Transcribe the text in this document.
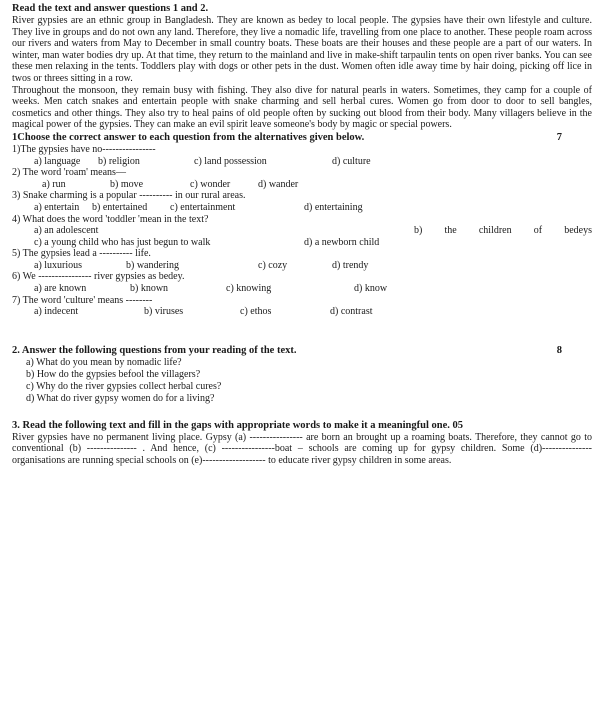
Read the text and answer questions 1 and 2.

River gypsies are an ethnic group in Bangladesh. They are known as bedey to local people. The gypsies have their own lifestyle and culture. They live in groups and do not own any land. Therefore, they live a nomadic life, travelling from one place to another. These people roam across our rivers and waters from May to December in small country boats. These boats are their houses and these people are a part of our waters. In winter, man water bodies dry up. At that time, they return to the mainland and live in make-shift tarpaulin tents on open river banks. You can see these men relaxing in the tents. Toddlers play with dogs or other pets in the dust. Women often idle away time by hair doing, picking off lice in twos or threes sitting in a row.

Throughout the monsoon, they remain busy with fishing. They also dive for natural pearls in waters. Sometimes, they camp for a couple of weeks. Men catch snakes and entertain people with snake charming and sell herbal cures. Women go from door to door to sell bangles, cosmetics and other things. They also try to heal pains of old people often by sucking out blood from their body. Many villagers believe in the magical power of the gypsies. They can make an evil spirit leave someone's body by magic or special powers.

1Choose the correct answer to each question from the alternatives given below.	7

1)The gypsies have no----------------

a) language	b) religion	c) land possession	d) culture

2) The word 'roam' means—

a) run	b) move	c) wonder	d) wander

3) Snake charming is a popular ---------- in our rural areas.

a) entertain	b) entertained	c) entertainment	d) entertaining

4) What does the word 'toddler 'mean in the text?

a) an adolescent	b) the children of bedeys
c) a young child who has just begun to walk	d) a newborn child

5) The gypsies lead a ---------- life.

a) luxurious	b) wandering	c) cozy	d) trendy

6) We ---------------- river gypsies as bedey.

a) are known	b) known	c) knowing	d) know

7) The word 'culture' means --------

a) indecent	b) viruses	c) ethos	d) contrast
2. Answer the following questions from your reading of the text.	8

a) What do you mean by nomadic life?

b) How do the gypsies befool the villagers?

c) Why do the river gypsies collect herbal cures?

d) What do river gypsy women do for a living?

3. Read the following text and fill in the gaps with appropriate words to make it a meaningful one. 05

River gypsies have no permanent living place. Gypsy (a) ---------------- are born an brought up a roaming boats. Therefore, they cannot go to conventional (b) --------------- . And hence, (c) ----------------boat – schools are coming up for gypsy children. Some (d)--------------- organisations are running special schools on (e)------------------- to educate river gypsy children in some areas.
